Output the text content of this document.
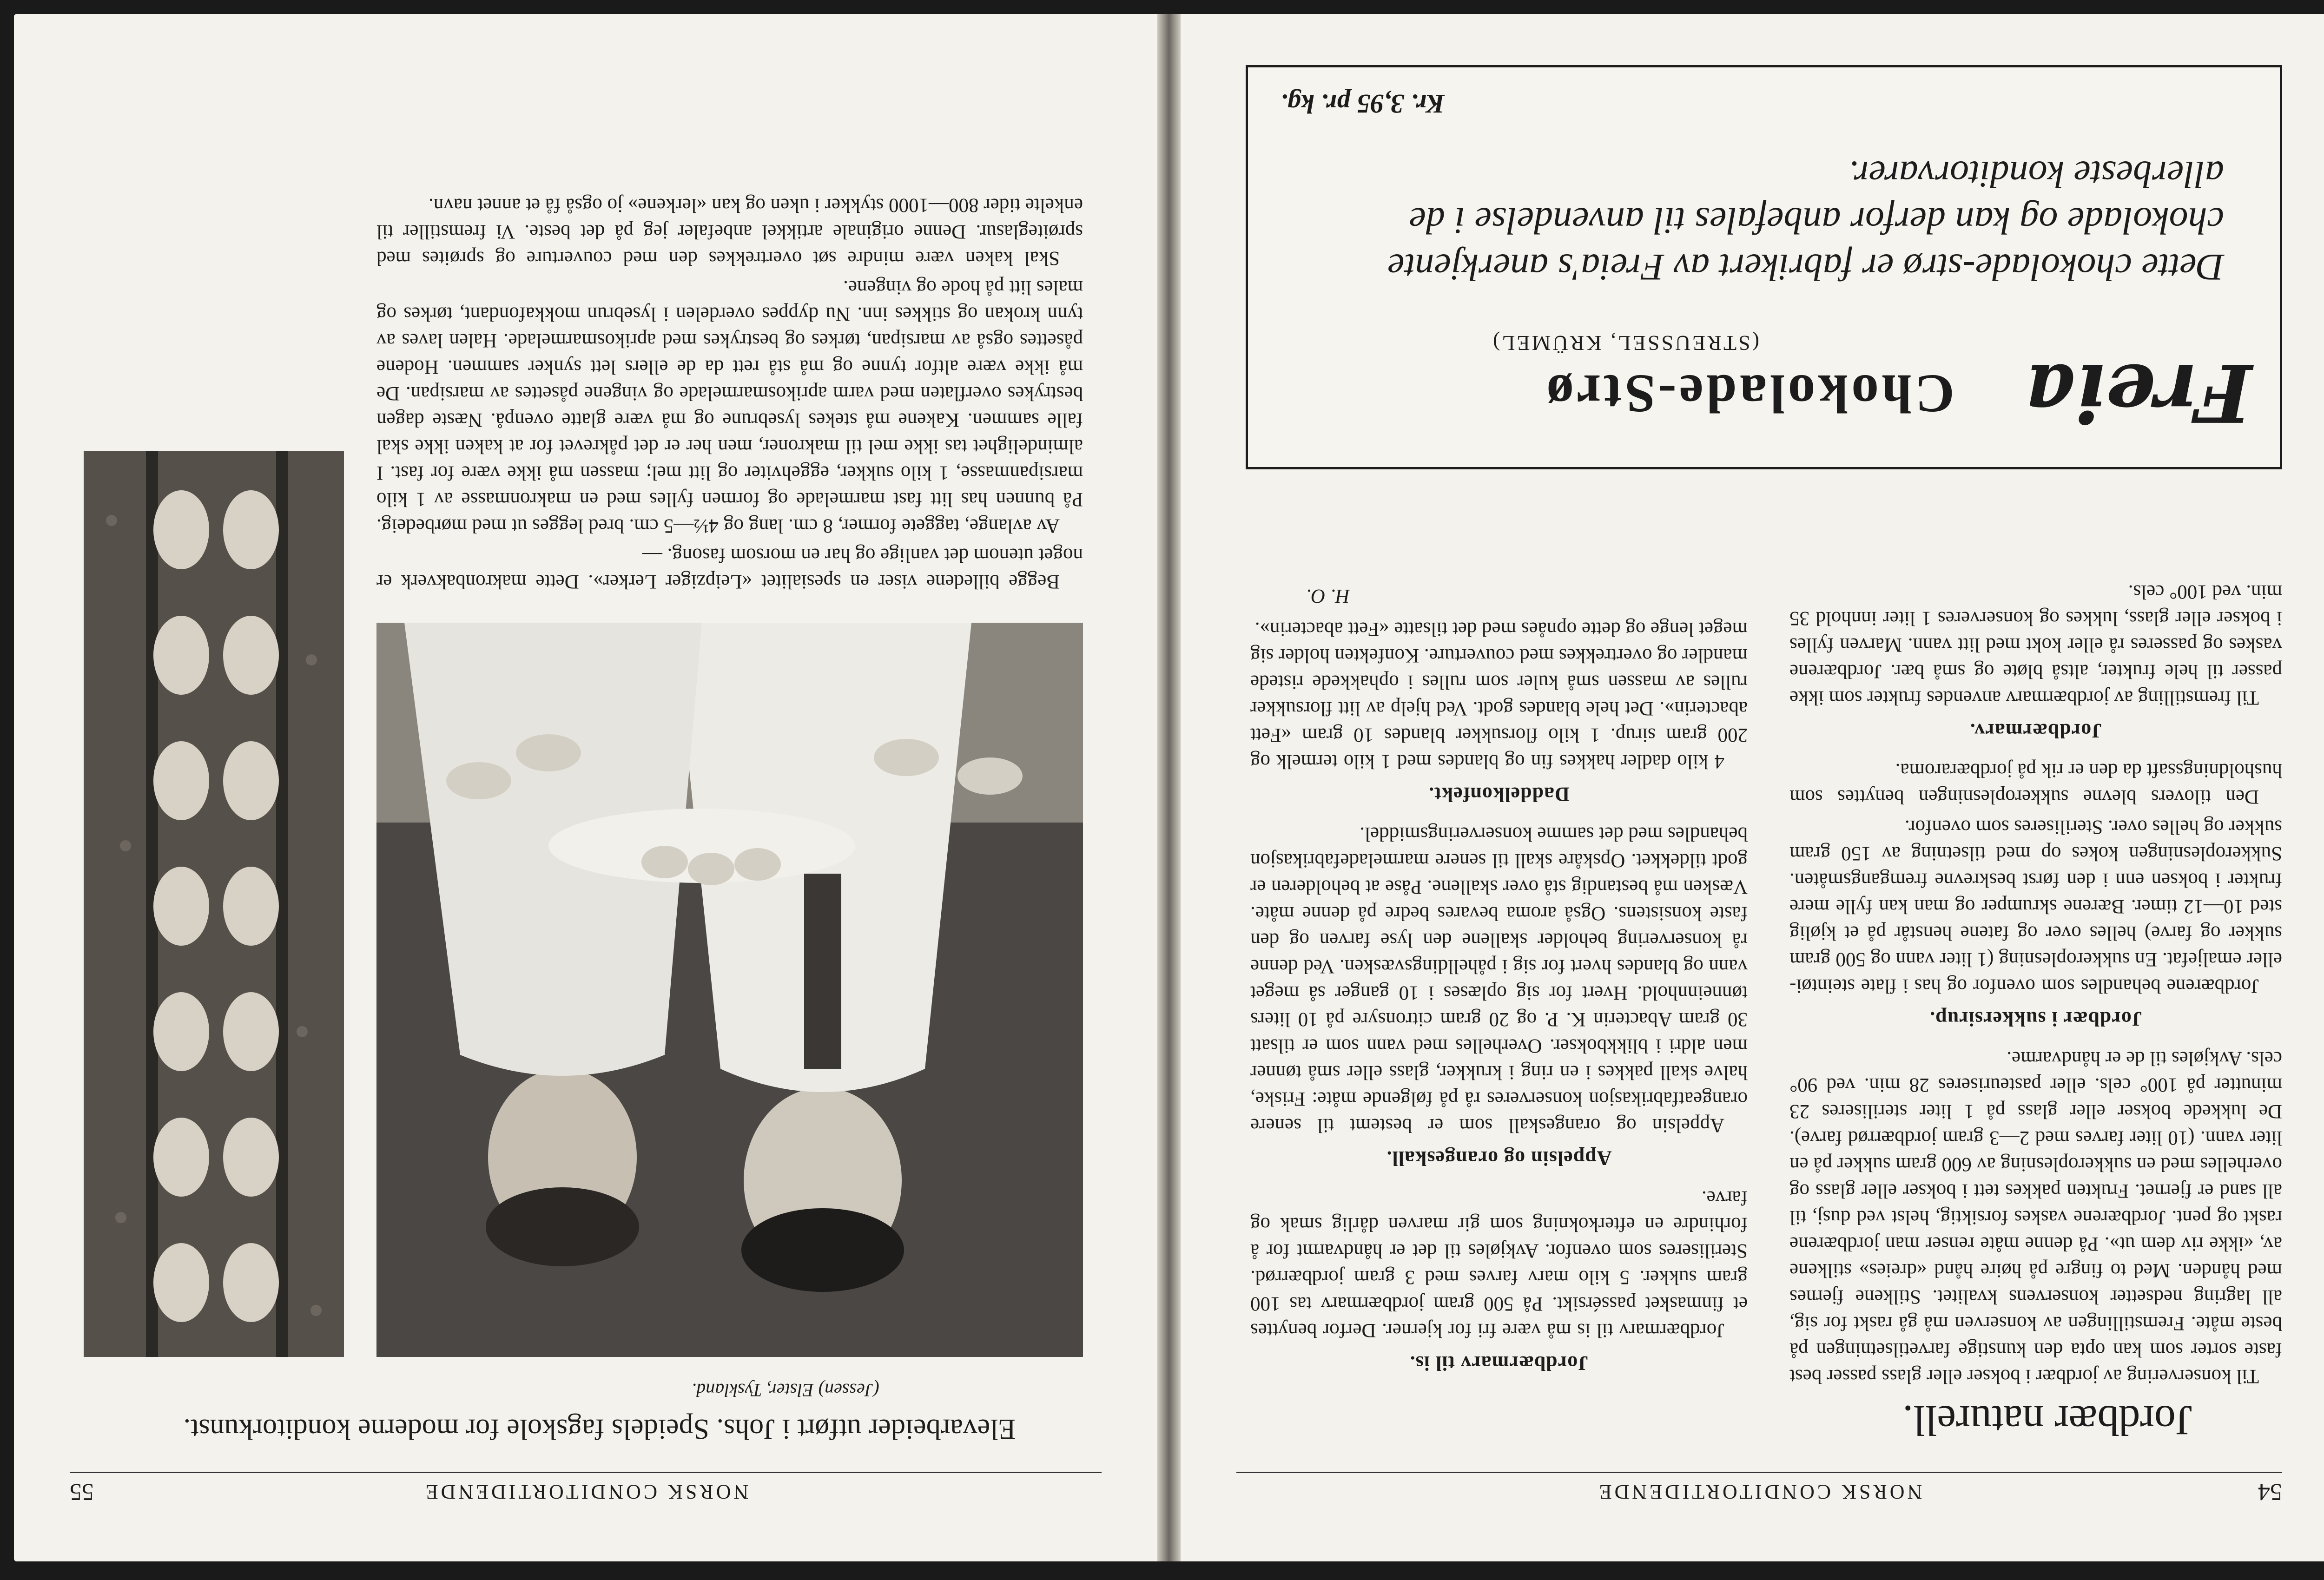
54
NORSK CONDITORTIDENDE
Jordbær naturell.

Til konservering av jordbær i bokser eller glass passer best faste sorter som kan opta den kunstige farvetilsetningen på beste måte. Fremstillingen av konserven må gå raskt for sig, all lagring nedsetter konservens kvalitet. Stilkene fjernes med hånden. Med to fingre på høire hånd «dreies» stilkene av, «ikke riv dem ut». På denne måte renser man jordbærene raskt og pent. Jordbærene vaskes forsiktig, helst ved dusj, til all sand er fjernet. Frukten pakkes tett i bokser eller glass og overhelles med en sukkeroplesning av 600 gram sukker på en liter vann. (10 liter farves med 2—3 gram jordbærrød farve). De lukkede bokser eller glass på 1 liter steriliseres 23 minutter på 100° cels. eller pasteuriseres 28 min. ved 90° cels. Avkjøles til de er håndvarme.

Jordbær i sukkersirup.

Jordbærene behandles som ovenfor og has i flate steintøi- eller emaljefat. En sukkeroplesning (1 liter vann og 500 gram sukker og farve) helles over og fatene henstår på et kjølig sted 10—12 timer. Bærene skrumper og man kan fylle mere frukter i boksen enn i den først beskrevne fremgangsmåten. Sukkeroplesningen kokes op med tilsetning av 150 gram sukker og helles over. Steriliseres som ovenfor.

Den tilovers blevne sukkeroplesningen benyttes som husholdningssaft da den er rik på jordbæraroma.

Jordbærmarv.

Til fremstilling av jordbærmarv anvendes frukter som ikke passer til hele frukter, altså bløte og små bær. Jordbærene vaskes og passeres rå eller kokt med litt vann. Marven fylles i bokser eller glass, lukkes og konserveres 1 liter innhold 35 min. ved 100° cels.

Jordbærmarv til is.

Jordbærmarv til is må være fri for kjerner. Derfor benyttes et finmasket passérsikt. På 500 gram jordbærmarv tas 100 gram sukker. 5 kilo marv farves med 3 gram jordbærrød. Steriliseres som ovenfor. Avkjøles til det er håndvarmt for å forhindre en efterkokning som gir marven dårlig smak og farve.

Appelsin og orangeskall.

Appelsin og orangeskall som er bestemt til senere orangeatfabrikasjon konserveres rå på følgende måte: Friske, halve skall pakkes i en ring i krukker, glass eller små tønner men aldri i blikkbokser. Overhelles med vann som er tilsatt 30 gram Abacterin K. P. og 20 gram citronsyre på 10 liters tønneinnhold. Hvert for sig oplæses i 10 ganger så meget vann og blandes hvert for sig i påhelldingsvæsken. Ved denne rå konservering beholder skallene den lyse farven og den faste konsistens. Også aroma bevares bedre på denne måte. Væsken må bestandig stå over skallene. Påse at beholderen er godt tildekket. Opskåre skall til senere marmeladefabrikasjon behandles med det samme konserveringsmiddel.

Daddelkonfekt.

4 kilo dadler hakkes fin og blandes med 1 kilo termelk og 200 gram sirup. 1 kilo florsukker blandes 10 gram «Fett abacterin». Det hele blandes godt. Ved hjelp av litt florsukker rulles av massen små kuler som rulles i ophakkede ristede mandler og overtrekkes med couverture. Konfekten holder sig meget lenge og dette opnåes med det tilsatte «Fett abacterin».

H. O.
Freia
Chokolade-Strø
(STREUSSEL, KRÜMEL)
Dette chokolade-strø er fabrikert av Freia's anerkjente chokolade og kan derfor anbefales til anvendelse i de allerbeste konditorvarer.
Kr. 3,95 pr. kg.
NORSK CONDITORTIDENDE
55
Elevarbeider utført i Johs. Speidels fagskole for moderne konditorkunst.
(Jessen) Elster, Tyskland.

Begge billedene viser en spesialitet «Leipziger Lerker». Dette makronbakverk er noget utenom det vanlige og har en morsom fasong. —

Av avlange, taggete former, 8 cm. lang og 4½—5 cm. bred legges ut med mørbedeig. På bunnen has litt fast marmelade og formen fylles med en makronmasse av 1 kilo marsipanmasse, 1 kilo sukker, eggehviter og litt mel; massen må ikke være for fast. I almindelighet tas ikke mel til makroner, men her er det påkrevet for at kaken ikke skal falle sammen. Kakene må stekes lysebrune og må være glatte ovenpå. Næste dagen bestrykes overflaten med varm aprikosmarmelade og vingene påsettes av marsipan. De må ikke være altfor tynne og må stå rett da de ellers lett synker sammen. Hodene påsettes også av marsipan, tørkes og bestrykes med aprikosmarmelade. Halen laves av tynn krokan og stikkes inn. Nu dyppes overdelen i lysebrun mokkafondant, tørkes og males litt på hode og vingene.

Skal kaken være mindre søt overtrekkes den med couverture og sprøites med sprøiteglasur. Denne originale artikkel anbefaler jeg på det beste. Vi fremstiller til enkelte tider 800—1000 stykker i uken og kan «lerkene» jo også få et annet navn.
